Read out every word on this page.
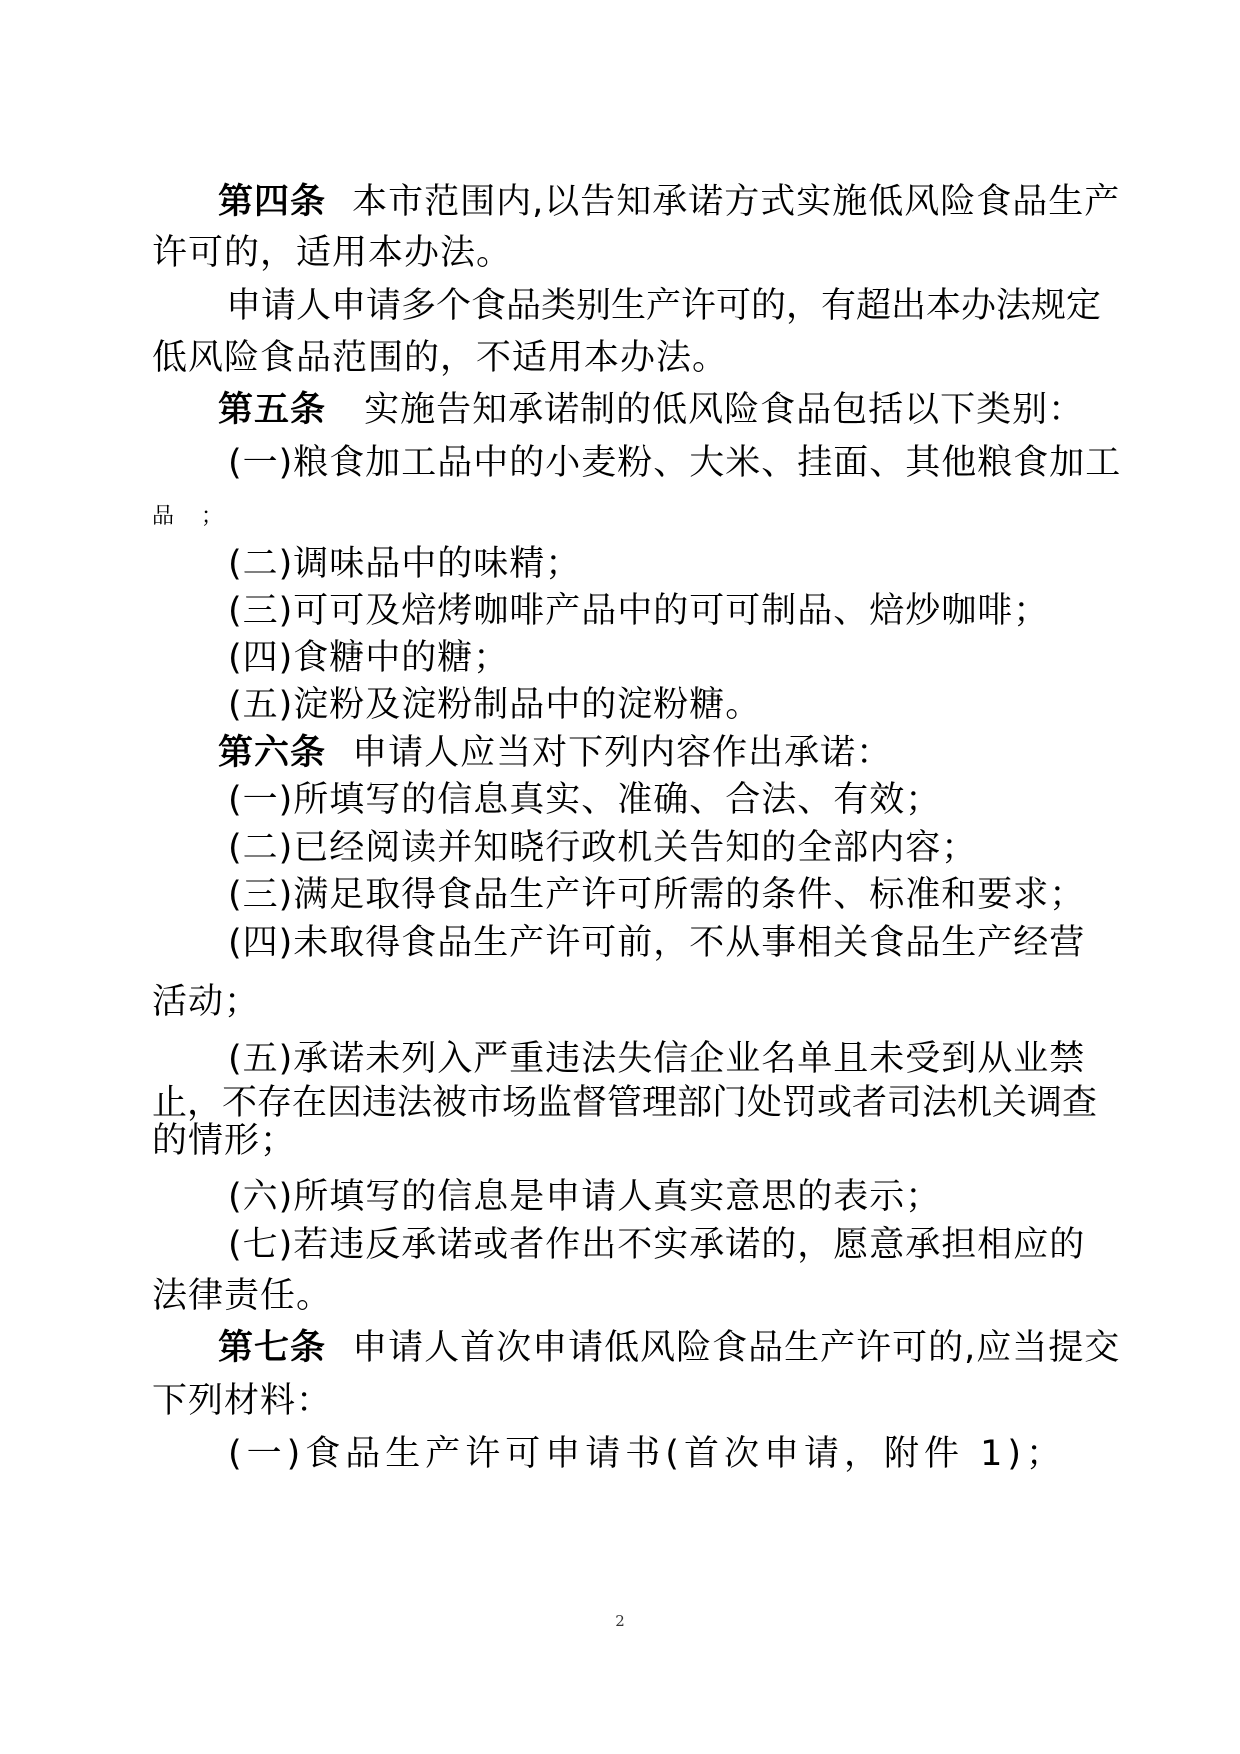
第四条 本市范围内,以告知承诺方式实施低风险食品生产
许可的，适用本办法。
申请人申请多个食品类别生产许可的，有超出本办法规定
低风险食品范围的，不适用本办法。
第五条 实施告知承诺制的低风险食品包括以下类别：
(一)粮食加工品中的小麦粉、大米、挂面、其他粮食加工
品 ；
(二)调味品中的味精；
(三)可可及焙烤咖啡产品中的可可制品、焙炒咖啡；
(四)食糖中的糖；
(五)淀粉及淀粉制品中的淀粉糖。
第六条 申请人应当对下列内容作出承诺：
(一)所填写的信息真实、准确、合法、有效；
(二)已经阅读并知晓行政机关告知的全部内容；
(三)满足取得食品生产许可所需的条件、标准和要求；
(四)未取得食品生产许可前，不从事相关食品生产经营
活动；
(五)承诺未列入严重违法失信企业名单且未受到从业禁
止，不存在因违法被市场监督管理部门处罚或者司法机关调查
的情形；
(六)所填写的信息是申请人真实意思的表示；
(七)若违反承诺或者作出不实承诺的，愿意承担相应的
法律责任。
第七条 申请人首次申请低风险食品生产许可的,应当提交
下列材料：
(一)食品生产许可申请书(首次申请，附件 1)；
2
